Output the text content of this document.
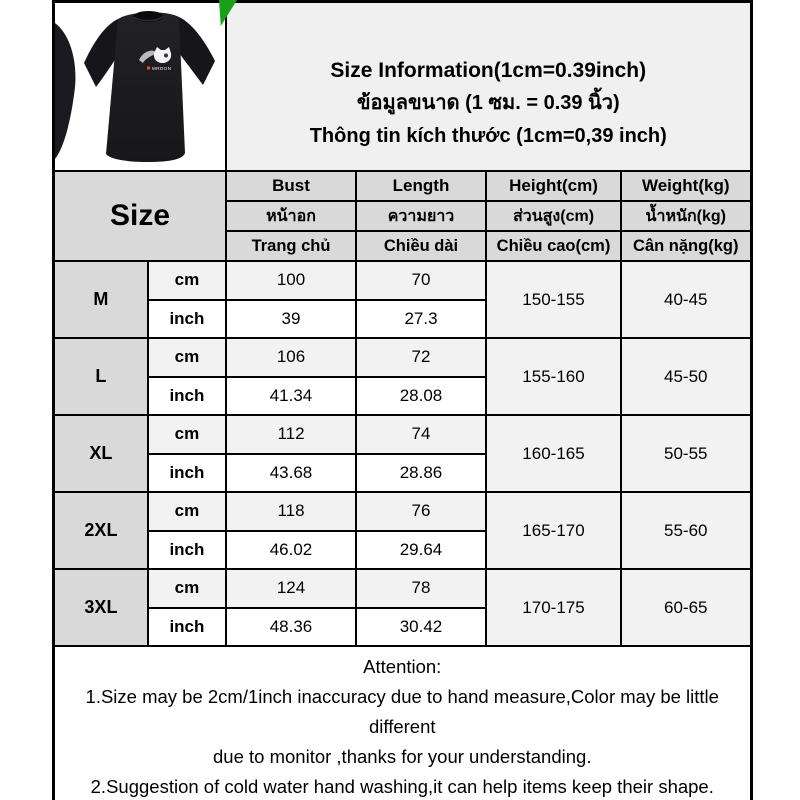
MRDON		Size Information(1cm=0.39inch)
ข้อมูลขนาด (1 ซม. = 0.39 นิ้ว)
Thông tin kích thước (1cm=0,39 inch)			

Size		Bust	Length	Height(cm)	Weight(kg)
		หน้าอก	ความยาว	ส่วนสูง(cm)	น้ำหนัก(kg)
		Trang chủ	Chiều dài	Chiều cao(cm)	Cân nặng(kg)
M	cm	100	70	150-155	40-45
	inch	39	27.3		
L	cm	106	72	155-160	45-50
	inch	41.34	28.08		
XL	cm	112	74	160-165	50-55
	inch	43.68	28.86		
2XL	cm	118	76	165-170	55-60
	inch	46.02	29.64		
3XL	cm	124	78	170-175	60-65
	inch	48.36	30.42		

Attention:
1.Size may be 2cm/1inch inaccuracy due to hand measure,Color may be little different
due to monitor ,thanks for your understanding.
2.Suggestion of cold water hand washing,it can help items keep their shape.					
